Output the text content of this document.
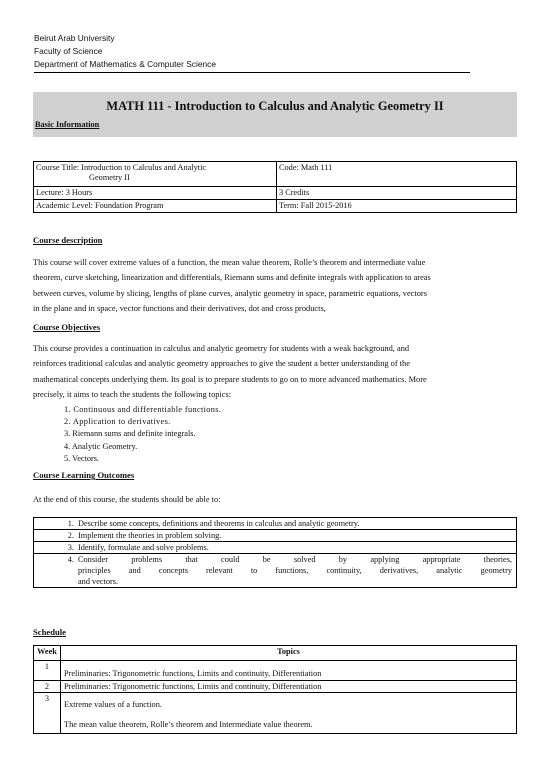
Beirut Arab University
Faculty of Science
Department of Mathematics & Computer Science
MATH 111 - Introduction to Calculus and Analytic Geometry II
Basic Information
Course Title: Introduction to Calculus and Analytic
Geometry II	Code: Math 111
Lecture: 3 Hours	3 Credits
Academic Level: Foundation Program	Term: Fall 2015-2016
Course description
This course will cover extreme values of a function, the mean value theorem, Rolle’s theorem and intermediate value
theorem, curve sketching, linearization and differentials, Riemann sums and definite integrals with application to areas
between curves, volume by slicing, lengths of plane curves, analytic geometry in space, parametric equations, vectors
in the plane and in space, vector functions and their derivatives, dot and cross products,
Course Objectives
This course provides a continuation in calculus and analytic geometry for students with a weak background, and
reinforces traditional calculas and analytic geometry approaches to give the student a better understanding of the
mathematical concepts underlying them. Its goal is to prepare students to go on to more advanced mathematics. More
precisely, it aims to teach the students the following topics:
1. Continuous and differentiable functions.
2. Application to derivatives.
3. Riemann sums and definite integrals.
4. Analytic Geometry.
5. Vectors.
Course Learning Outcomes
At the end of this course, the students should be able to:
1.	Describe some concepts, definitions and theorems in calculus and analytic geometry.
2.	Implement the theories in problem solving.
3.	Identify, formulate and solve problems.
4.	Consider problems that could be solved by applying appropriate theories,
principles and concepts relevant to functions, continuity, derivatives, analytic geometry
and vectors.
Schedule
Week	Topics
1	Preliminaries: Trigonometric functions, Limits and continuity, Differentiation
2	Preliminaries: Trigonometric functions, Limits and continuity, Differentiation
3	Extreme values of a function.
The mean value theorem, Rolle’s theorem and Intermediate value theorem.
